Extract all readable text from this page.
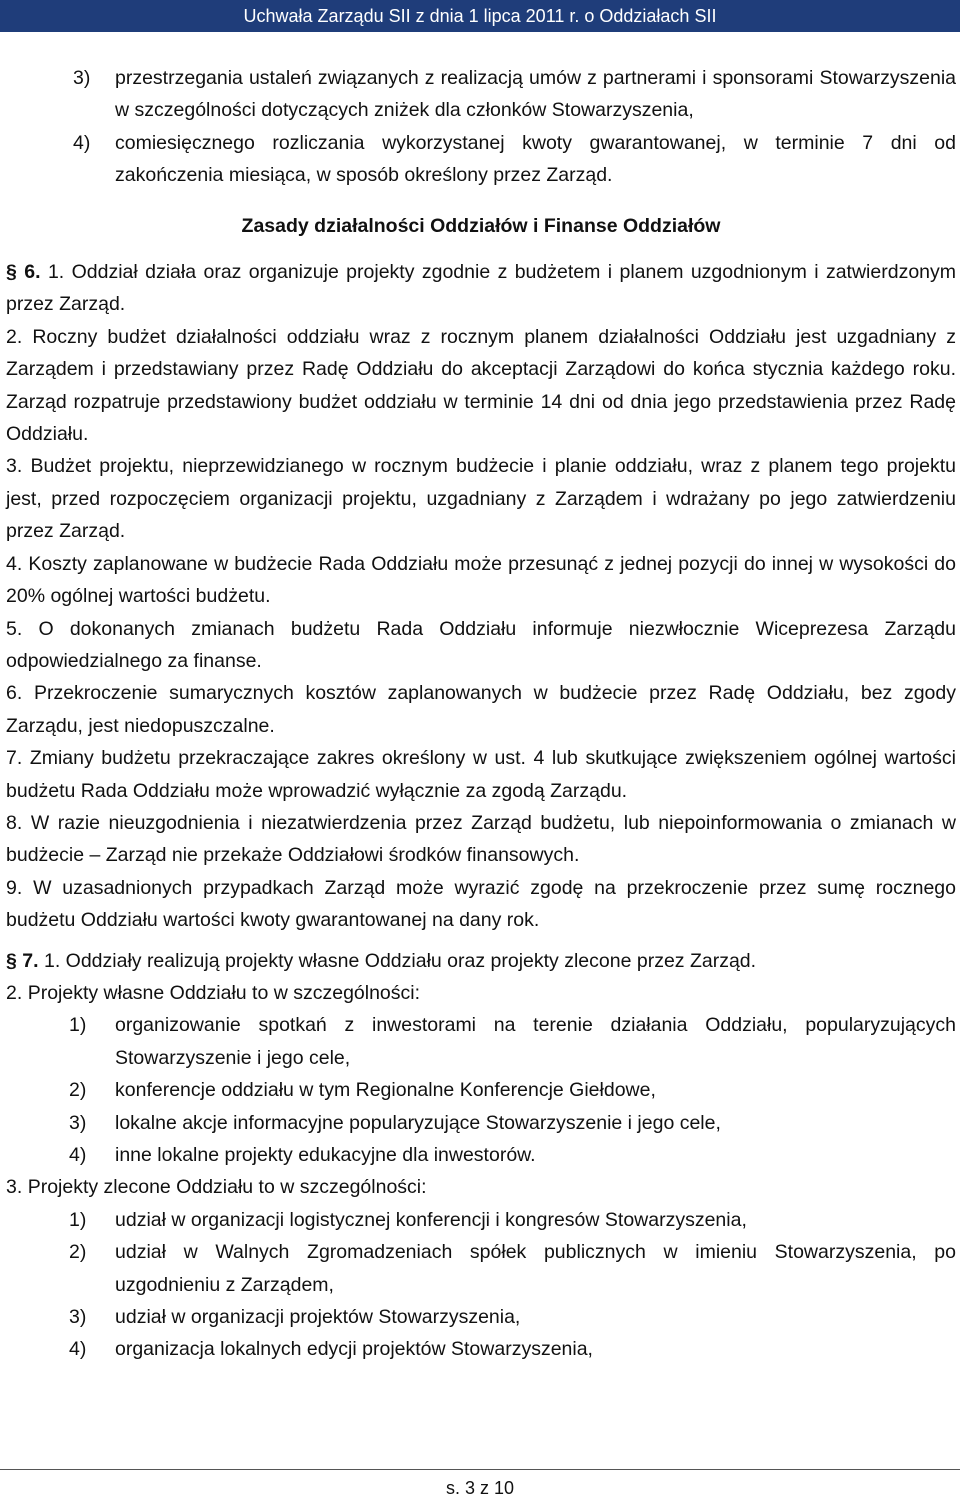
Uchwała Zarządu SII z dnia 1 lipca 2011 r. o Oddziałach SII
3)	przestrzegania ustaleń związanych z realizacją umów z partnerami i sponsorami Stowarzyszenia w szczególności dotyczących zniżek dla członków Stowarzyszenia,
4)	comiesięcznego rozliczania wykorzystanej kwoty gwarantowanej, w terminie 7 dni od zakończenia miesiąca, w sposób określony przez Zarząd.
Zasady działalności Oddziałów i Finanse Oddziałów

§ 6. 1. Oddział działa oraz organizuje projekty zgodnie z budżetem i planem uzgodnionym i zatwierdzonym przez Zarząd.

2. Roczny budżet działalności oddziału wraz z rocznym planem działalności Oddziału jest uzgadniany z Zarządem i przedstawiany przez Radę Oddziału do akceptacji Zarządowi do końca stycznia każdego roku. Zarząd rozpatruje przedstawiony budżet oddziału w terminie 14 dni od dnia jego przedstawienia przez Radę Oddziału.

3. Budżet projektu, nieprzewidzianego w rocznym budżecie i planie oddziału, wraz z planem tego projektu jest, przed rozpoczęciem organizacji projektu, uzgadniany z Zarządem i wdrażany po jego zatwierdzeniu przez Zarząd.

4. Koszty zaplanowane w budżecie Rada Oddziału może przesunąć z jednej pozycji do innej w wysokości do 20% ogólnej wartości budżetu.

5. O dokonanych zmianach budżetu Rada Oddziału informuje niezwłocznie Wiceprezesa Zarządu odpowiedzialnego za finanse.

6. Przekroczenie sumarycznych kosztów zaplanowanych w budżecie przez Radę Oddziału, bez zgody Zarządu, jest niedopuszczalne.

7. Zmiany budżetu przekraczające zakres określony w ust. 4 lub skutkujące zwiększeniem ogólnej wartości budżetu Rada Oddziału może wprowadzić wyłącznie za zgodą Zarządu.

8. W razie nieuzgodnienia i niezatwierdzenia przez Zarząd budżetu, lub niepoinformowania o zmianach w budżecie – Zarząd nie przekaże Oddziałowi środków finansowych.

9. W uzasadnionych przypadkach Zarząd może wyrazić zgodę na przekroczenie przez sumę rocznego budżetu Oddziału wartości kwoty gwarantowanej na dany rok.

§ 7. 1. Oddziały realizują projekty własne Oddziału oraz projekty zlecone przez Zarząd.

2. Projekty własne Oddziału to w szczególności:

1)	organizowanie spotkań z inwestorami na terenie działania Oddziału, popularyzujących Stowarzyszenie i jego cele,
2)	konferencje oddziału w tym Regionalne Konferencje Giełdowe,
3)	lokalne akcje informacyjne popularyzujące Stowarzyszenie i jego cele,
4)	inne lokalne projekty edukacyjne dla inwestorów.

3. Projekty zlecone Oddziału to w szczególności:

1)	udział w organizacji logistycznej konferencji i kongresów Stowarzyszenia,
2)	udział w Walnych Zgromadzeniach spółek publicznych w imieniu Stowarzyszenia, po uzgodnieniu z Zarządem,
3)	udział w organizacji projektów Stowarzyszenia,
4)	organizacja lokalnych edycji projektów Stowarzyszenia,
s. 3 z 10
